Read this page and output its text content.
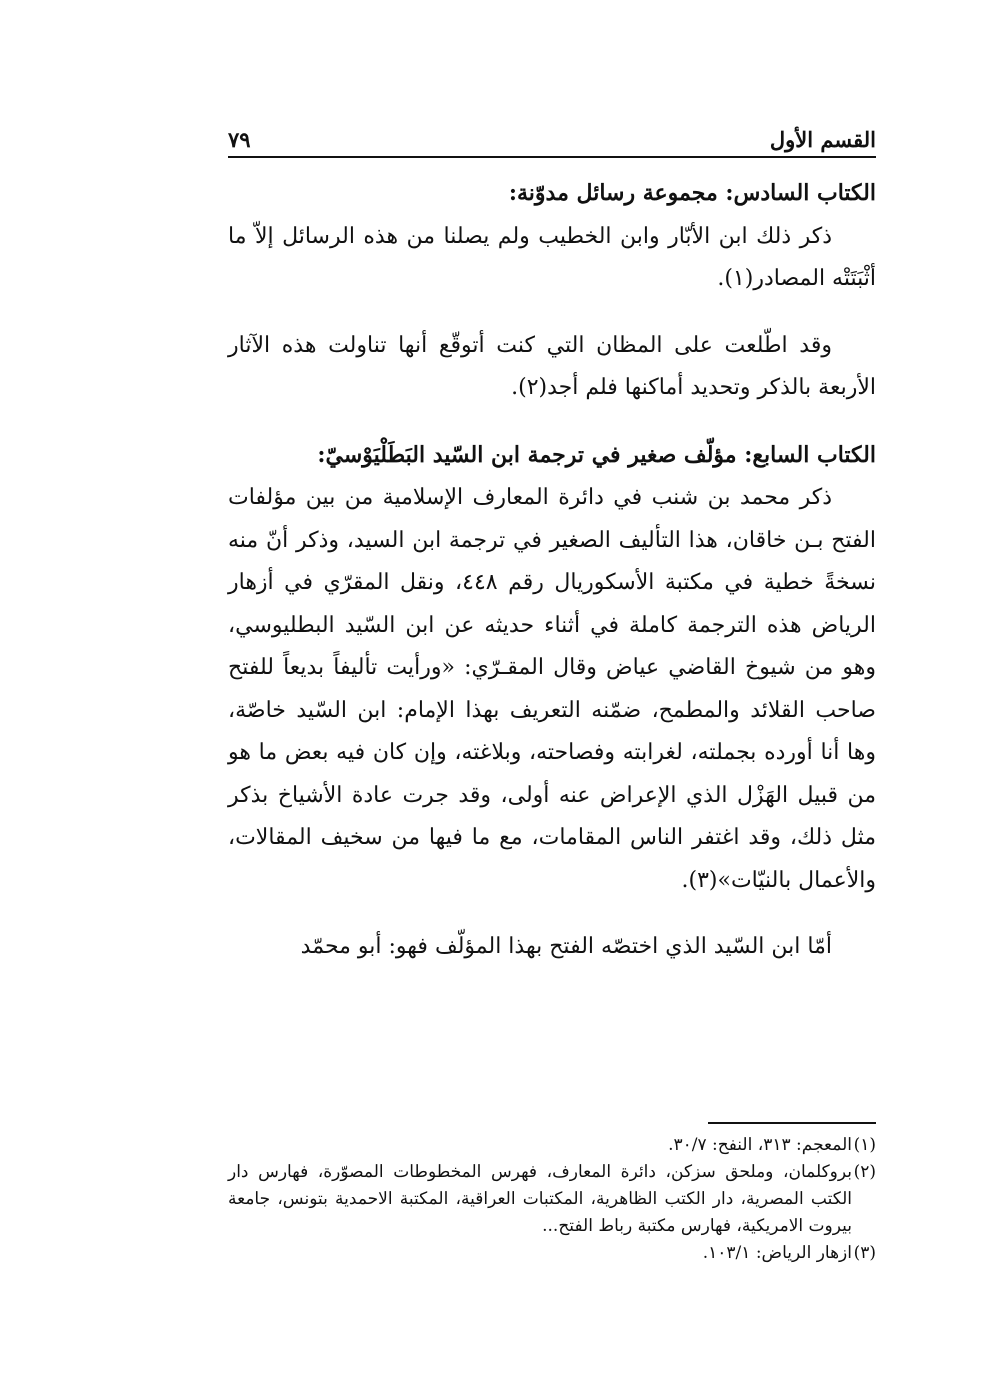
القسم الأول
٧٩

الكتاب السادس: مجموعة رسائل مدوّنة:

ذكر ذلك ابن الأبّار وابن الخطيب ولم يصلنا من هذه الرسائل إلاّ ما أثْبَتَتْه المصادر(١).

وقد اطّلعت على المظان التي كنت أتوقّع أنها تناولت هذه الآثار الأربعة بالذكر وتحديد أماكنها فلم أجد(٢).

الكتاب السابع: مؤلّف صغير في ترجمة ابن السّيد البَطَلْيَوْسيّ:

ذكر محمد بن شنب في دائرة المعارف الإسلامية من بين مؤلفات الفتح بـن خاقان، هذا التأليف الصغير في ترجمة ابن السيد، وذكر أنّ منه نسخةً خطية في مكتبة الأسكوريال رقم ٤٤٨، ونقل المقرّي في أزهار الرياض هذه الترجمة كاملة في أثناء حديثه عن ابن السّيد البطليوسي، وهو من شيوخ القاضي عياض وقال المقـرّي: «ورأيت تأليفاً بديعاً للفتح صاحب القلائد والمطمح، ضمّنه التعريف بهذا الإمام: ابن السّيد خاصّة، وها أنا أورده بجملته، لغرابته وفصاحته، وبلاغته، وإن كان فيه بعض ما هو من قبيل الهَزْل الذي الإعراض عنه أولى، وقد جرت عادة الأشياخ بذكر مثل ذلك، وقد اغتفر الناس المقامات، مع ما فيها من سخيف المقالات، والأعمال بالنيّات»(٣).

أمّا ابن السّيد الذي اختصّه الفتح بهذا المؤلّف فهو: أبو محمّد

(١)المعجم: ٣١٣، النفح: ٣٠/٧.

(٢)بروكلمان، وملحق سزكن، دائرة المعارف، فهرس المخطوطات المصوّرة، فهارس دار الكتب المصرية، دار الكتب الظاهرية، المكتبات العراقية، المكتبة الاحمدية بتونس، جامعة بيروت الامريكية، فهارس مكتبة رباط الفتح...

(٣)ازهار الرياض: ١٠٣/١.
